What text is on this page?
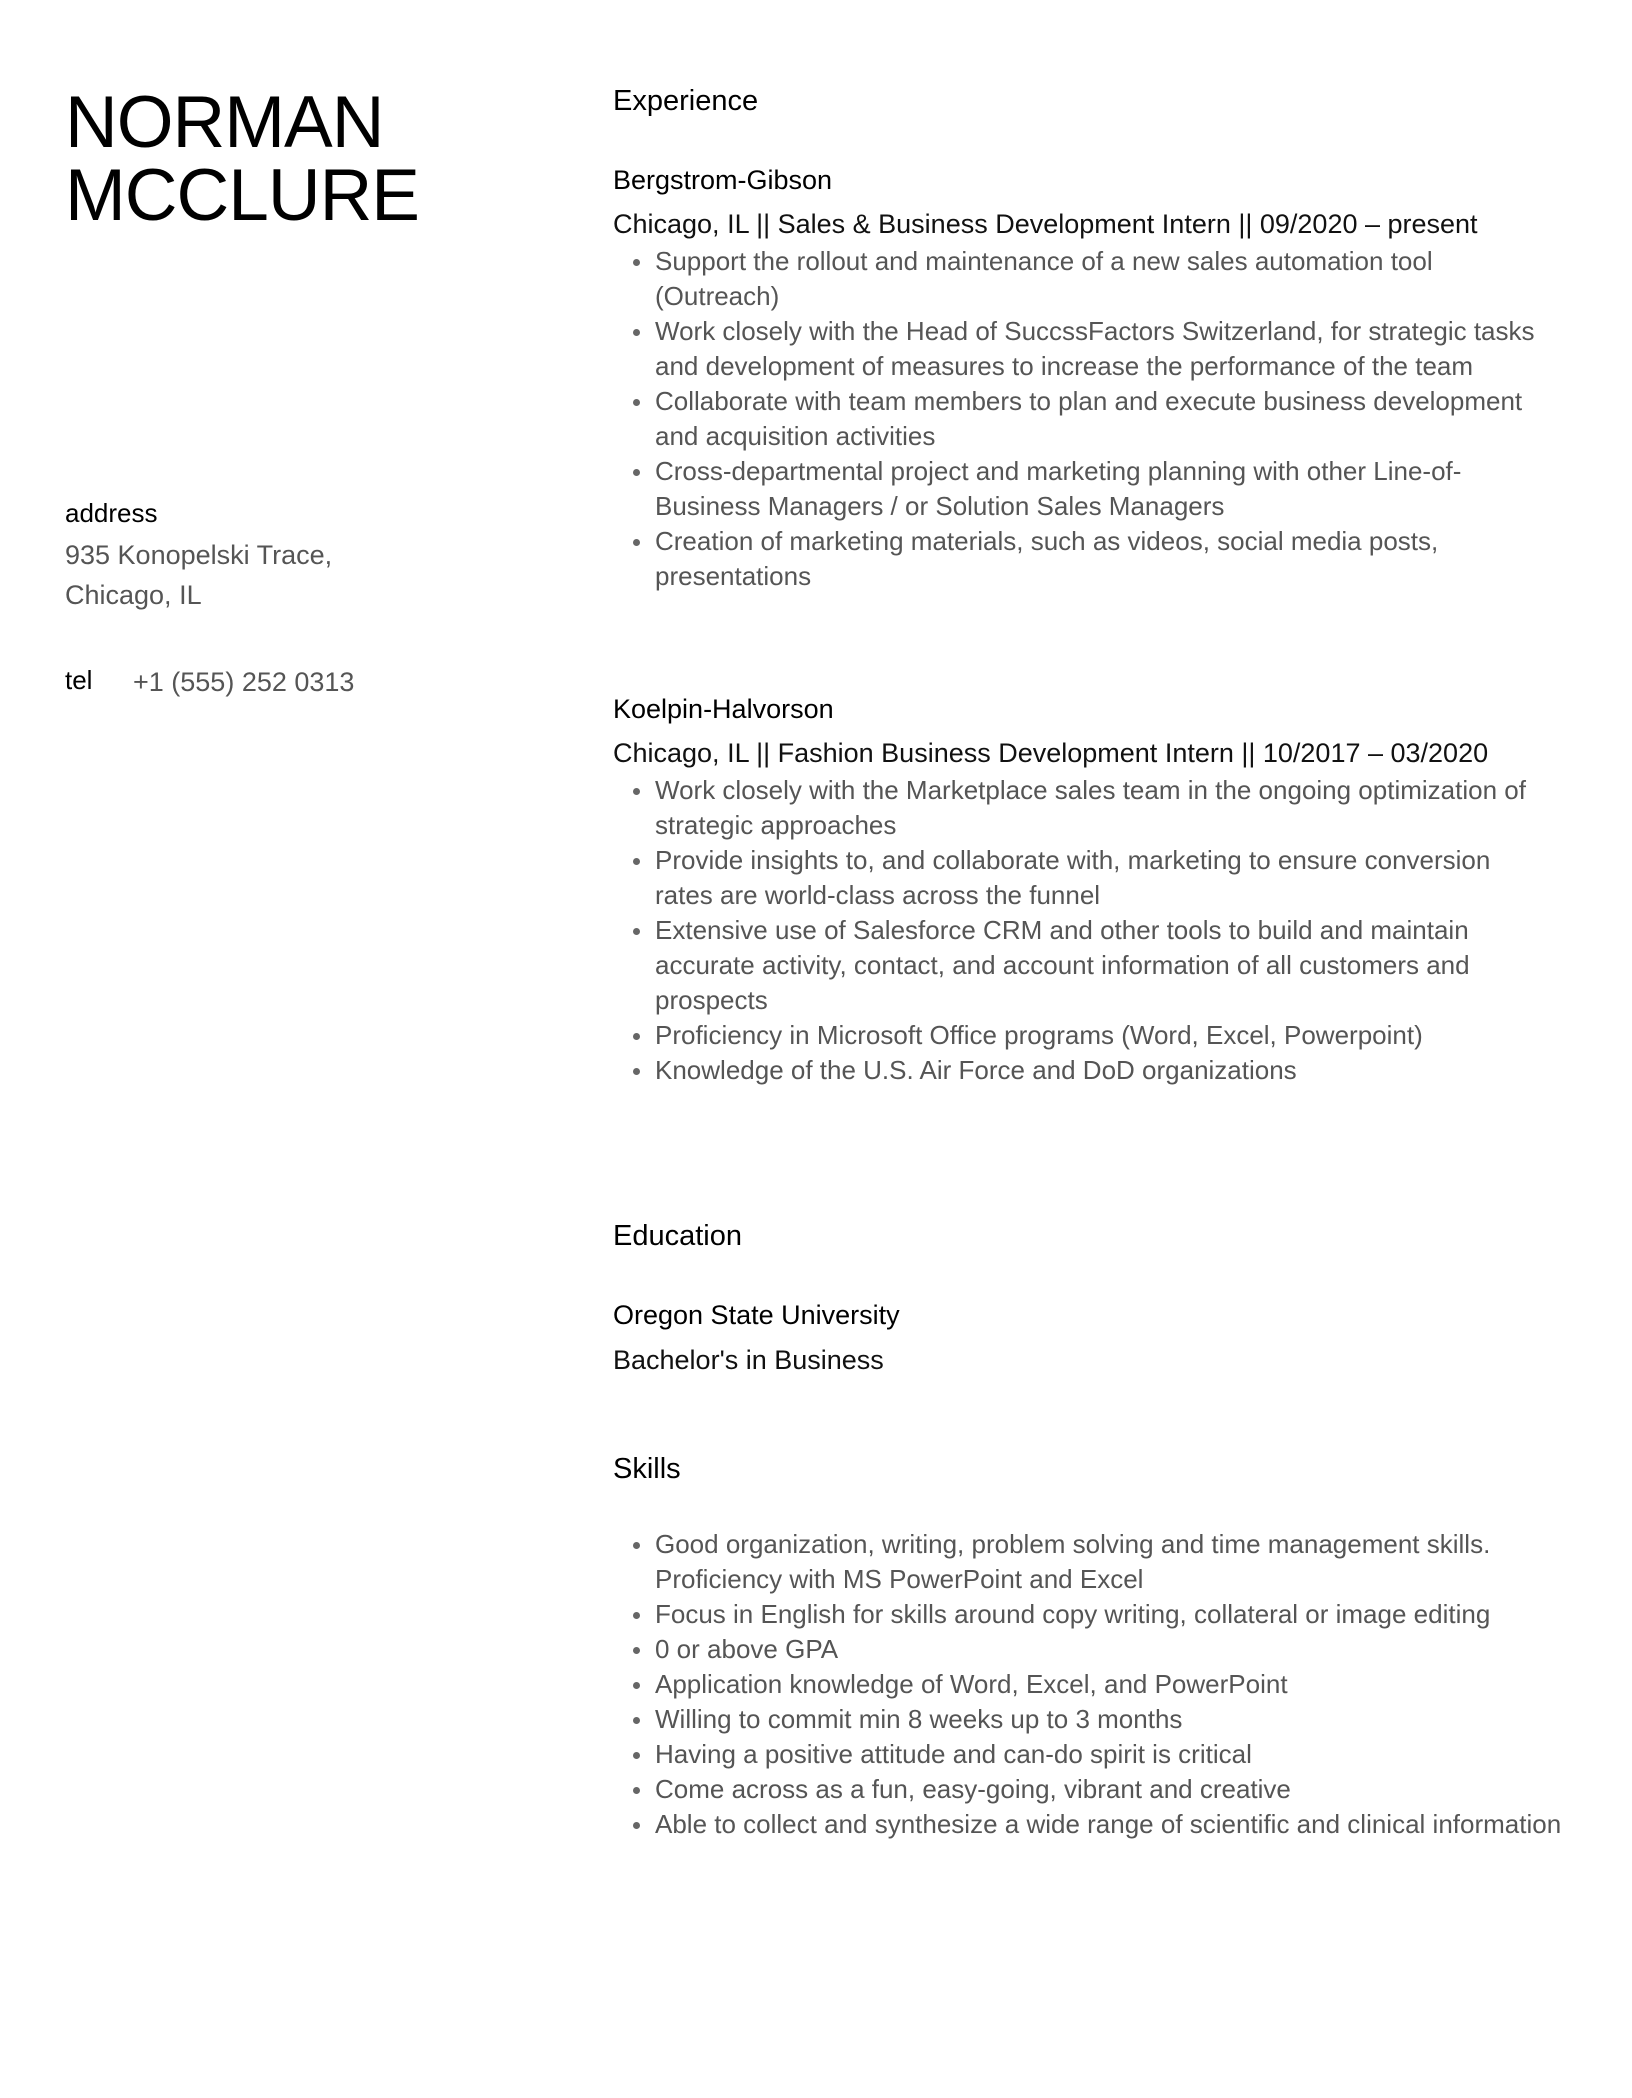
NORMAN
MCCLURE
address
935 Konopelski Trace,
Chicago, IL
tel +1 (555) 252 0313
Experience
Bergstrom-Gibson
Chicago, IL || Sales & Business Development Intern || 09/2020 – present
Support the rollout and maintenance of a new sales automation tool (Outreach)
Work closely with the Head of SuccssFactors Switzerland, for strategic tasks and development of measures to increase the performance of the team
Collaborate with team members to plan and execute business development and acquisition activities
Cross-departmental project and marketing planning with other Line-of-Business Managers / or Solution Sales Managers
Creation of marketing materials, such as videos, social media posts, presentations
Koelpin-Halvorson
Chicago, IL || Fashion Business Development Intern || 10/2017 – 03/2020
Work closely with the Marketplace sales team in the ongoing optimization of strategic approaches
Provide insights to, and collaborate with, marketing to ensure conversion rates are world-class across the funnel
Extensive use of Salesforce CRM and other tools to build and maintain accurate activity, contact, and account information of all customers and prospects
Proficiency in Microsoft Office programs (Word, Excel, Powerpoint)
Knowledge of the U.S. Air Force and DoD organizations
Education
Oregon State University
Bachelor's in Business
Skills
Good organization, writing, problem solving and time management skills. Proficiency with MS PowerPoint and Excel
Focus in English for skills around copy writing, collateral or image editing
0 or above GPA
Application knowledge of Word, Excel, and PowerPoint
Willing to commit min 8 weeks up to 3 months
Having a positive attitude and can-do spirit is critical
Come across as a fun, easy-going, vibrant and creative
Able to collect and synthesize a wide range of scientific and clinical information
